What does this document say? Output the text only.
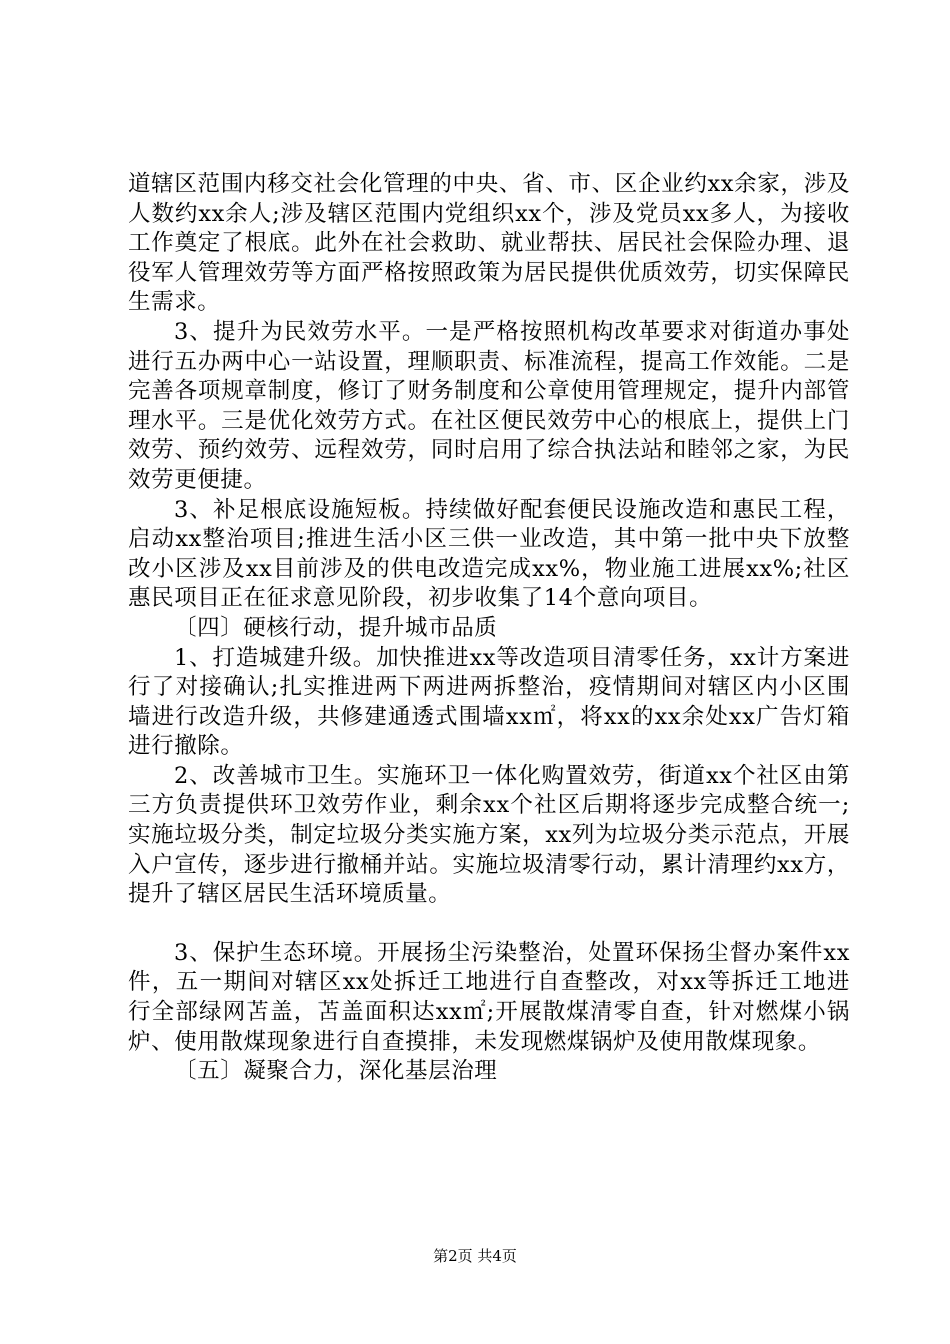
道辖区范围内移交社会化管理的中央、省、市、区企业约xx余家，涉及人数约xx余人;涉及辖区范围内党组织xx个，涉及党员xx多人，为接收工作奠定了根底。此外在社会救助、就业帮扶、居民社会保险办理、退役军人管理效劳等方面严格按照政策为居民提供优质效劳，切实保障民生需求。

3、提升为民效劳水平。一是严格按照机构改革要求对街道办事处进行五办两中心一站设置，理顺职责、标准流程，提高工作效能。二是完善各项规章制度，修订了财务制度和公章使用管理规定，提升内部管理水平。三是优化效劳方式。在社区便民效劳中心的根底上，提供上门效劳、预约效劳、远程效劳，同时启用了综合执法站和睦邻之家，为民效劳更便捷。

3、补足根底设施短板。持续做好配套便民设施改造和惠民工程，启动xx整治项目;推进生活小区三供一业改造，其中第一批中央下放整改小区涉及xx目前涉及的供电改造完成xx%，物业施工进展xx%;社区惠民项目正在征求意见阶段，初步收集了14个意向项目。

〔四〕硬核行动，提升城市品质

1、打造城建升级。加快推进xx等改造项目清零任务，xx计方案进行了对接确认;扎实推进两下两进两拆整治，疫情期间对辖区内小区围墙进行改造升级，共修建通透式围墙xx㎡，将xx的xx余处xx广告灯箱进行撤除。

2、改善城市卫生。实施环卫一体化购置效劳，街道xx个社区由第三方负责提供环卫效劳作业，剩余xx个社区后期将逐步完成整合统一;实施垃圾分类，制定垃圾分类实施方案，xx列为垃圾分类示范点，开展入户宣传，逐步进行撤桶并站。实施垃圾清零行动，累计清理约xx方，提升了辖区居民生活环境质量。

3、保护生态环境。开展扬尘污染整治，处置环保扬尘督办案件xx件，五一期间对辖区xx处拆迁工地进行自查整改，对xx等拆迁工地进行全部绿网苫盖，苫盖面积达xx㎡;开展散煤清零自查，针对燃煤小锅炉、使用散煤现象进行自查摸排，未发现燃煤锅炉及使用散煤现象。

〔五〕凝聚合力，深化基层治理

第2页 共4页
